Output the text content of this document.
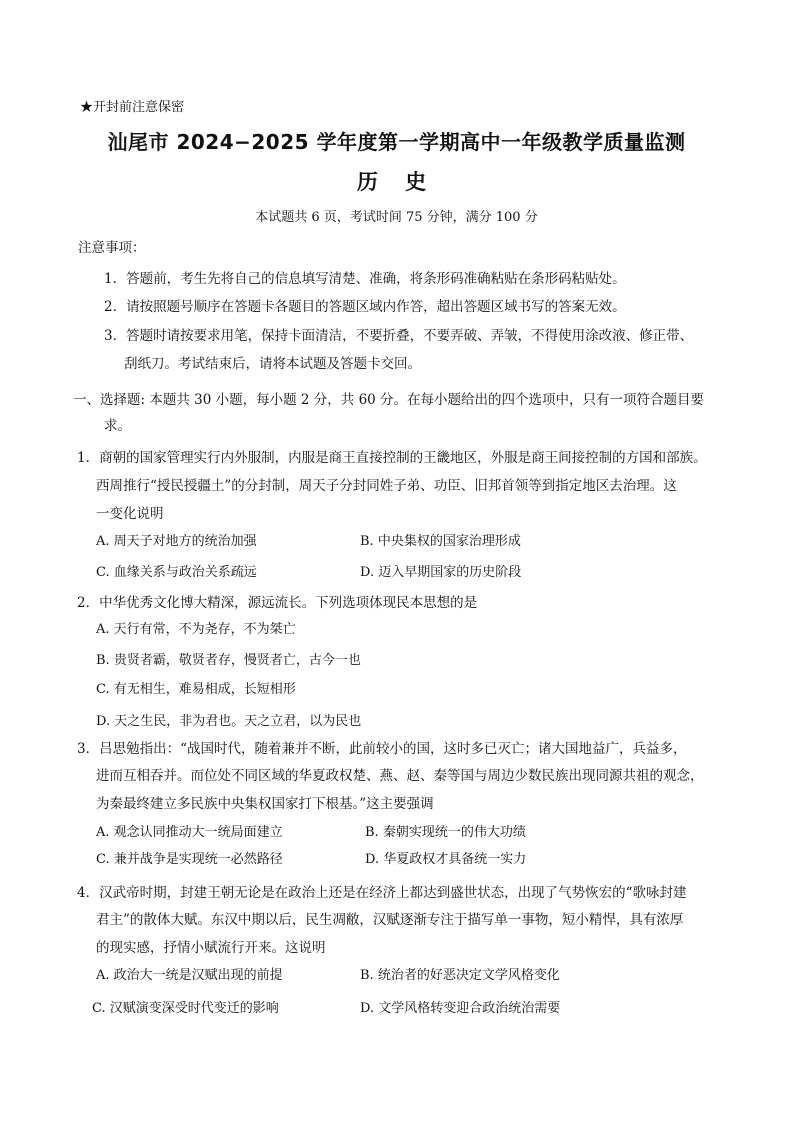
★开封前注意保密
汕尾市 2024−2025 学年度第一学期高中一年级教学质量监测
历 史
本试题共 6 页，考试时间 75 分钟，满分 100 分
注意事项：
1．答题前，考生先将自己的信息填写清楚、准确，将条形码准确粘贴在条形码粘贴处。
2．请按照题号顺序在答题卡各题目的答题区域内作答，超出答题区域书写的答案无效。
3．答题时请按要求用笔，保持卡面清洁，不要折叠，不要弄破、弄皱，不得使用涂改液、修正带、
刮纸刀。考试结束后，请将本试题及答题卡交回。
一、选择题: 本题共 30 小题，每小题 2 分，共 60 分。在每小题给出的四个选项中，只有一项符合题目要
求。
1．商朝的国家管理实行内外服制，内服是商王直接控制的王畿地区，外服是商王间接控制的方国和部族。
西周推行“授民授疆土”的分封制，周天子分封同姓子弟、功臣、旧邦首领等到指定地区去治理。这
一变化说明
A. 周天子对地方的统治加强	B. 中央集权的国家治理形成
C. 血缘关系与政治关系疏远	D. 迈入早期国家的历史阶段
2．中华优秀文化博大精深，源远流长。下列选项体现民本思想的是
A. 天行有常，不为尧存，不为桀亡
B. 贵贤者霸，敬贤者存，慢贤者亡，古今一也
C. 有无相生，难易相成，长短相形
D. 天之生民，非为君也。天之立君，以为民也
3．吕思勉指出：“战国时代，随着兼并不断，此前较小的国，这时多已灭亡；诸大国地益广，兵益多，
进而互相吞并。而位处不同区域的华夏政权楚、燕、赵、秦等国与周边少数民族出现同源共祖的观念，
为秦最终建立多民族中央集权国家打下根基。”这主要强调
A. 观念认同推动大一统局面建立	B. 秦朝实现统一的伟大功绩
C. 兼并战争是实现统一必然路径	D. 华夏政权才具备统一实力
4．汉武帝时期，封建王朝无论是在政治上还是在经济上都达到盛世状态，出现了气势恢宏的“歌咏封建
君主”的散体大赋。东汉中期以后，民生凋敝，汉赋逐渐专注于描写单一事物，短小精悍，具有浓厚
的现实感，抒情小赋流行开来。这说明
A. 政治大一统是汉赋出现的前提	B. 统治者的好恶决定文学风格变化
C. 汉赋演变深受时代变迁的影响	D. 文学风格转变迎合政治统治需要
